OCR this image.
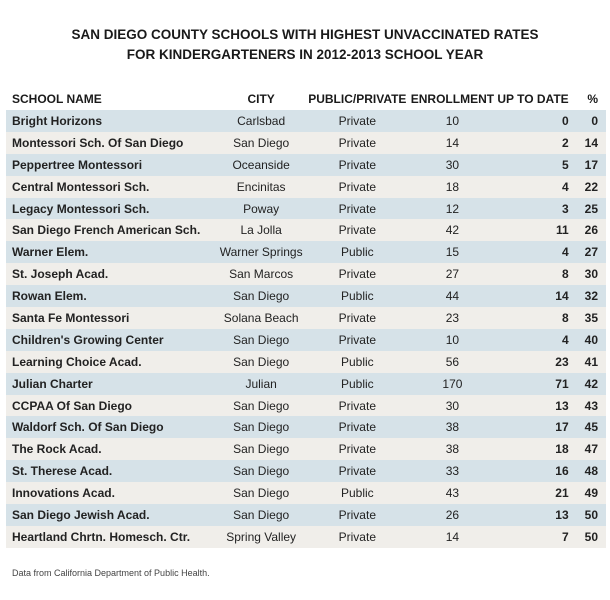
SAN DIEGO COUNTY SCHOOLS WITH HIGHEST UNVACCINATED RATES
FOR KINDERGARTENERS IN 2012-2013 SCHOOL YEAR
SCHOOL NAME	CITY	PUBLIC/PRIVATE	ENROLLMENT	UP TO DATE	%
Bright Horizons	Carlsbad	Private	10	0	0
Montessori Sch. Of San Diego	San Diego	Private	14	2	14
Peppertree Montessori	Oceanside	Private	30	5	17
Central Montessori Sch.	Encinitas	Private	18	4	22
Legacy Montessori Sch.	Poway	Private	12	3	25
San Diego French American Sch.	La Jolla	Private	42	11	26
Warner Elem.	Warner Springs	Public	15	4	27
St. Joseph Acad.	San Marcos	Private	27	8	30
Rowan Elem.	San Diego	Public	44	14	32
Santa Fe Montessori	Solana Beach	Private	23	8	35
Children's Growing Center	San Diego	Private	10	4	40
Learning Choice Acad.	San Diego	Public	56	23	41
Julian Charter	Julian	Public	170	71	42
CCPAA Of San Diego	San Diego	Private	30	13	43
Waldorf Sch. Of San Diego	San Diego	Private	38	17	45
The Rock Acad.	San Diego	Private	38	18	47
St. Therese Acad.	San Diego	Private	33	16	48
Innovations Acad.	San Diego	Public	43	21	49
San Diego Jewish Acad.	San Diego	Private	26	13	50
Heartland Chrtn. Homesch. Ctr.	Spring Valley	Private	14	7	50
Data from California Department of Public Health.
